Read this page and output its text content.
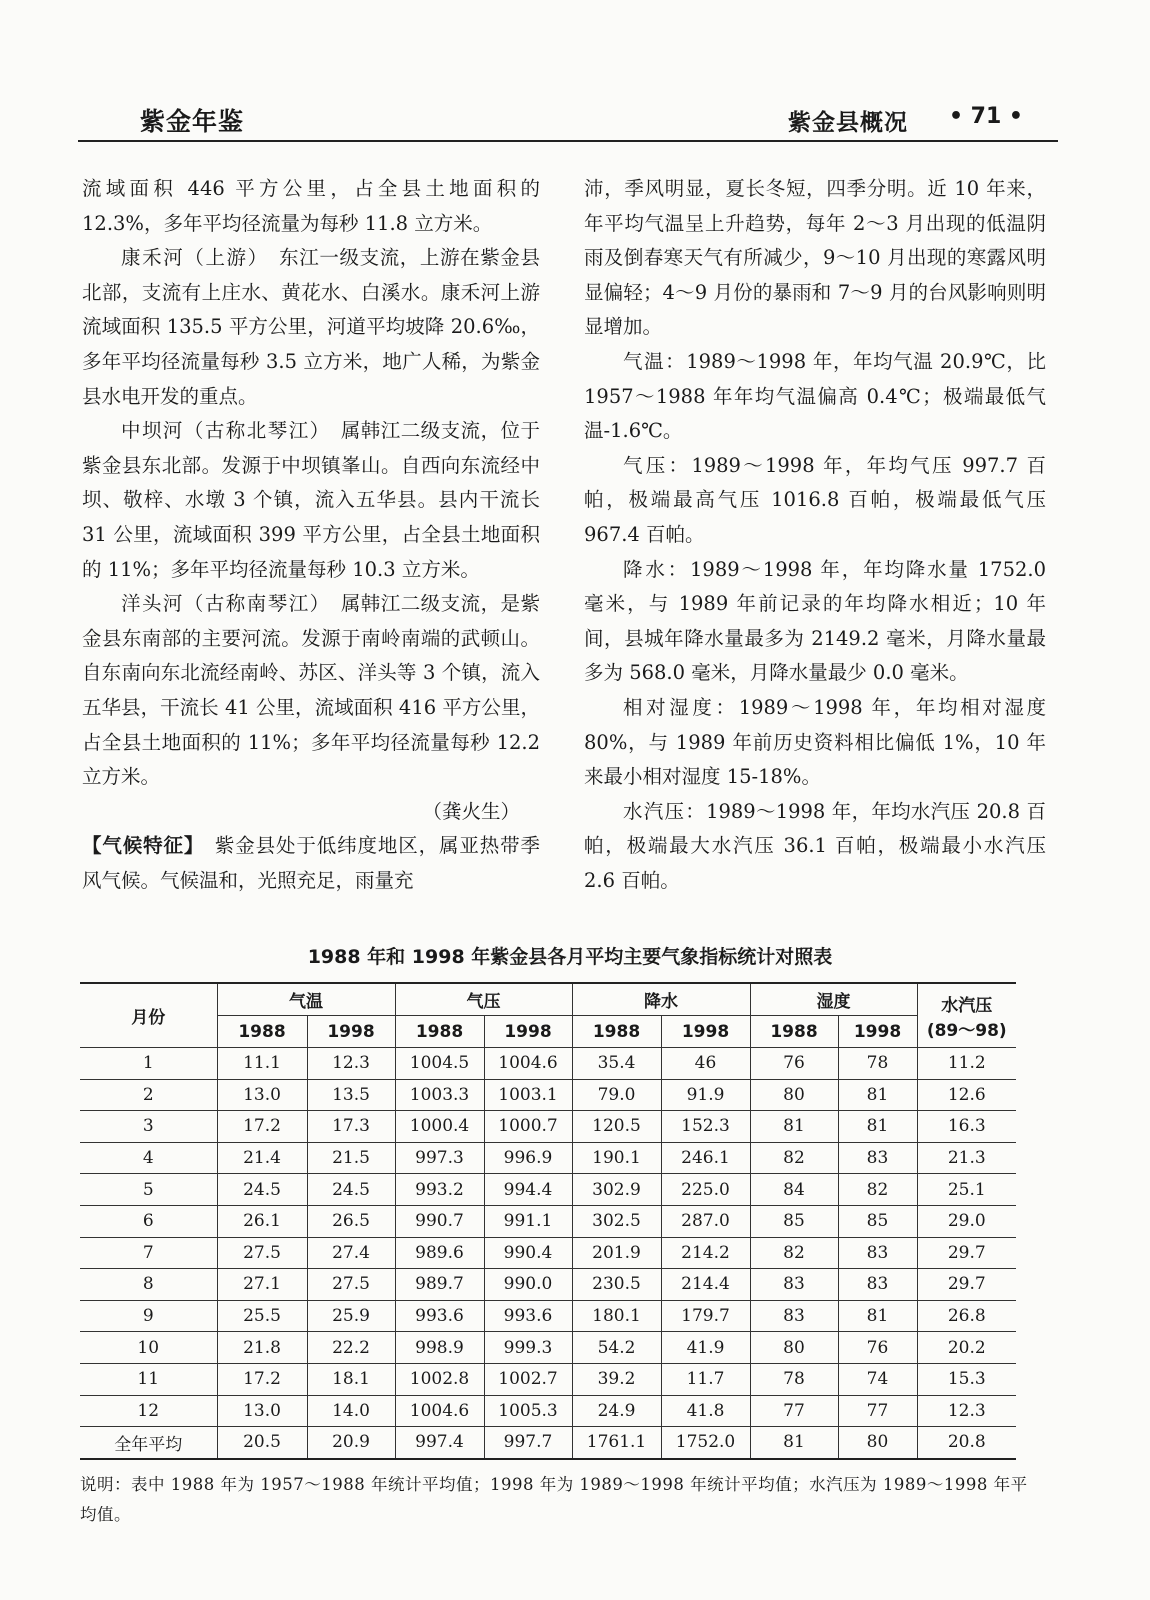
紫金年鉴	紫金县概况 • 71 •

流域面积 446 平方公里，占全县土地面积的 12.3%，多年平均径流量为每秒 11.8 立方米。

康禾河（上游）　东江一级支流，上游在紫金县北部，支流有上庄水、黄花水、白溪水。康禾河上游流域面积 135.5 平方公里，河道平均坡降 20.6‰，多年平均径流量每秒 3.5 立方米，地广人稀，为紫金县水电开发的重点。

中坝河（古称北琴江）　属韩江二级支流，位于紫金县东北部。发源于中坝镇峯山。自西向东流经中坝、敬梓、水墩 3 个镇，流入五华县。县内干流长 31 公里，流域面积 399 平方公里，占全县土地面积的 11%；多年平均径流量每秒 10.3 立方米。

洋头河（古称南琴江）　属韩江二级支流，是紫金县东南部的主要河流。发源于南岭南端的武顿山。自东南向东北流经南岭、苏区、洋头等 3 个镇，流入五华县，干流长 41 公里，流域面积 416 平方公里，占全县土地面积的 11%；多年平均径流量每秒 12.2 立方米。

（龚火生）

【气候特征】　紫金县处于低纬度地区，属亚热带季风气候。气候温和，光照充足，雨量充

沛，季风明显，夏长冬短，四季分明。近 10 年来，年平均气温呈上升趋势，每年 2～3 月出现的低温阴雨及倒春寒天气有所减少，9～10 月出现的寒露风明显偏轻；4～9 月份的暴雨和 7～9 月的台风影响则明显增加。

气温：1989～1998 年，年均气温 20.9℃，比 1957～1988 年年均气温偏高 0.4℃；极端最低气温-1.6℃。

气压：1989～1998 年，年均气压 997.7 百帕，极端最高气压 1016.8 百帕，极端最低气压 967.4 百帕。

降水：1989～1998 年，年均降水量 1752.0 毫米，与 1989 年前记录的年均降水相近；10 年间，县城年降水量最多为 2149.2 毫米，月降水量最多为 568.0 毫米，月降水量最少 0.0 毫米。

相对湿度：1989～1998 年，年均相对湿度 80%，与 1989 年前历史资料相比偏低 1%，10 年来最小相对湿度 15-18%。

水汽压：1989～1998 年，年均水汽压 20.8 百帕，极端最大水汽压 36.1 百帕，极端最小水汽压 2.6 百帕。

1988 年和 1998 年紫金县各月平均主要气象指标统计对照表
月份	气温		气压		降水		湿度		水汽压
(89～98)

	1988	1998	1988	1998	1988	1998	1988	1998	
1	11.1	12.3	1004.5	1004.6	35.4	46	76	78	11.2
2	13.0	13.5	1003.3	1003.1	79.0	91.9	80	81	12.6
3	17.2	17.3	1000.4	1000.7	120.5	152.3	81	81	16.3
4	21.4	21.5	997.3	996.9	190.1	246.1	82	83	21.3
5	24.5	24.5	993.2	994.4	302.9	225.0	84	82	25.1
6	26.1	26.5	990.7	991.1	302.5	287.0	85	85	29.0
7	27.5	27.4	989.6	990.4	201.9	214.2	82	83	29.7
8	27.1	27.5	989.7	990.0	230.5	214.4	83	83	29.7
9	25.5	25.9	993.6	993.6	180.1	179.7	83	81	26.8
10	21.8	22.2	998.9	999.3	54.2	41.9	80	76	20.2
11	17.2	18.1	1002.8	1002.7	39.2	11.7	78	74	15.3
12	13.0	14.0	1004.6	1005.3	24.9	41.8	77	77	12.3
全年平均	20.5	20.9	997.4	997.7	1761.1	1752.0	81	80	20.8
说明：表中 1988 年为 1957～1988 年统计平均值；1998 年为 1989～1998 年统计平均值；水汽压为 1989～1998 年平均值。
